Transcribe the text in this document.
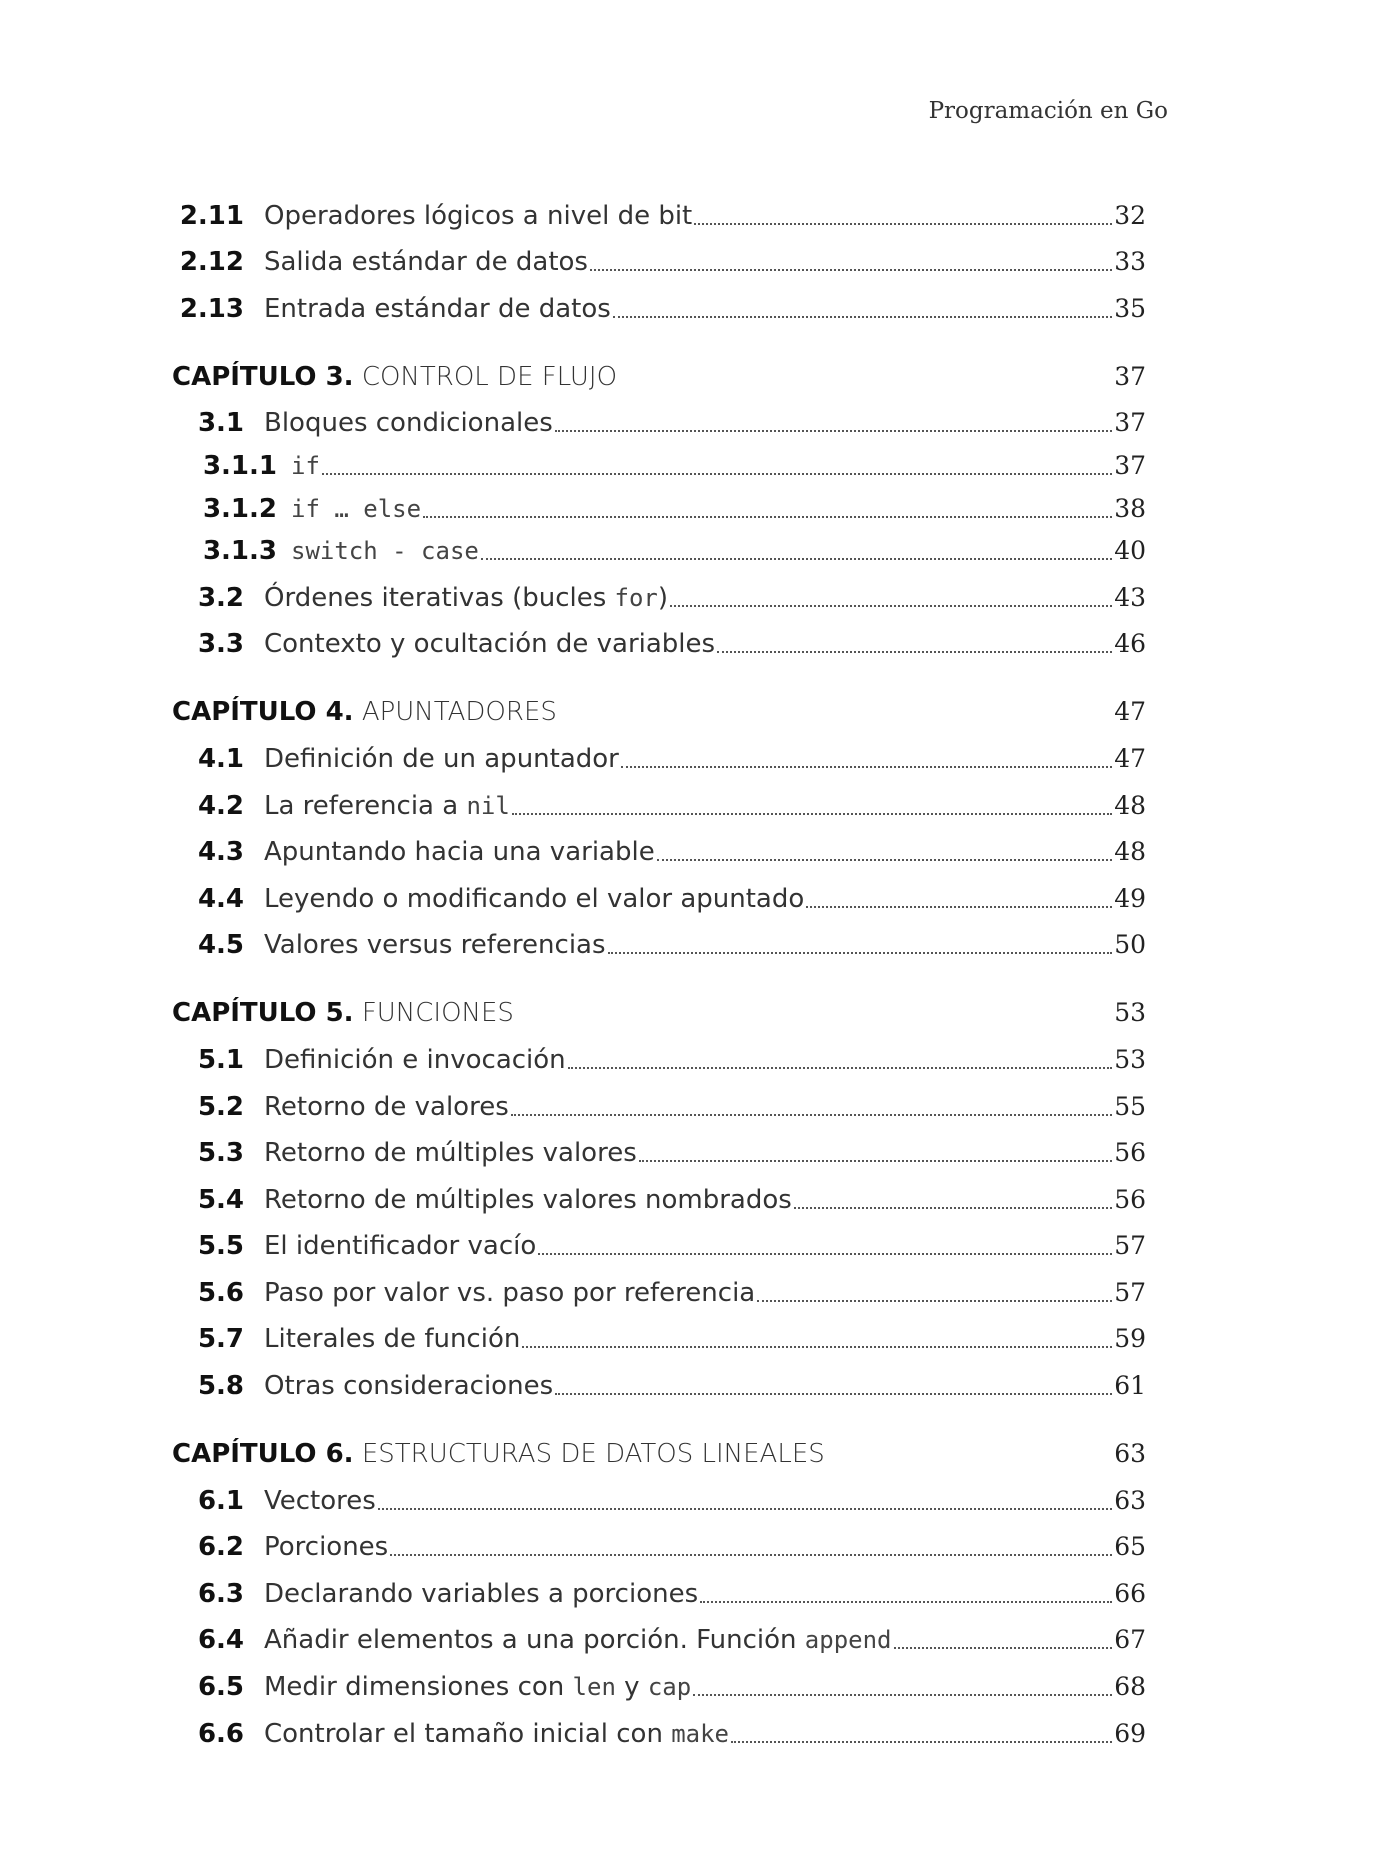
Programación en Go
2.11 Operadores lógicos a nivel de bit	32
2.12 Salida estándar de datos	33
2.13 Entrada estándar de datos	35
CAPÍTULO 3. CONTROL DE FLUJO	37
3.1 Bloques condicionales	37
3.1.1 if	37
3.1.2 if … else	38
3.1.3 switch - case	40
3.2 Órdenes iterativas (bucles for)	43
3.3 Contexto y ocultación de variables	46
CAPÍTULO 4. APUNTADORES	47
4.1 Definición de un apuntador	47
4.2 La referencia a nil	48
4.3 Apuntando hacia una variable	48
4.4 Leyendo o modificando el valor apuntado	49
4.5 Valores versus referencias	50
CAPÍTULO 5. FUNCIONES	53
5.1 Definición e invocación	53
5.2 Retorno de valores	55
5.3 Retorno de múltiples valores	56
5.4 Retorno de múltiples valores nombrados	56
5.5 El identificador vacío	57
5.6 Paso por valor vs. paso por referencia	57
5.7 Literales de función	59
5.8 Otras consideraciones	61
CAPÍTULO 6. ESTRUCTURAS DE DATOS LINEALES	63
6.1 Vectores	63
6.2 Porciones	65
6.3 Declarando variables a porciones	66
6.4 Añadir elementos a una porción. Función append	67
6.5 Medir dimensiones con len y cap	68
6.6 Controlar el tamaño inicial con make	69
